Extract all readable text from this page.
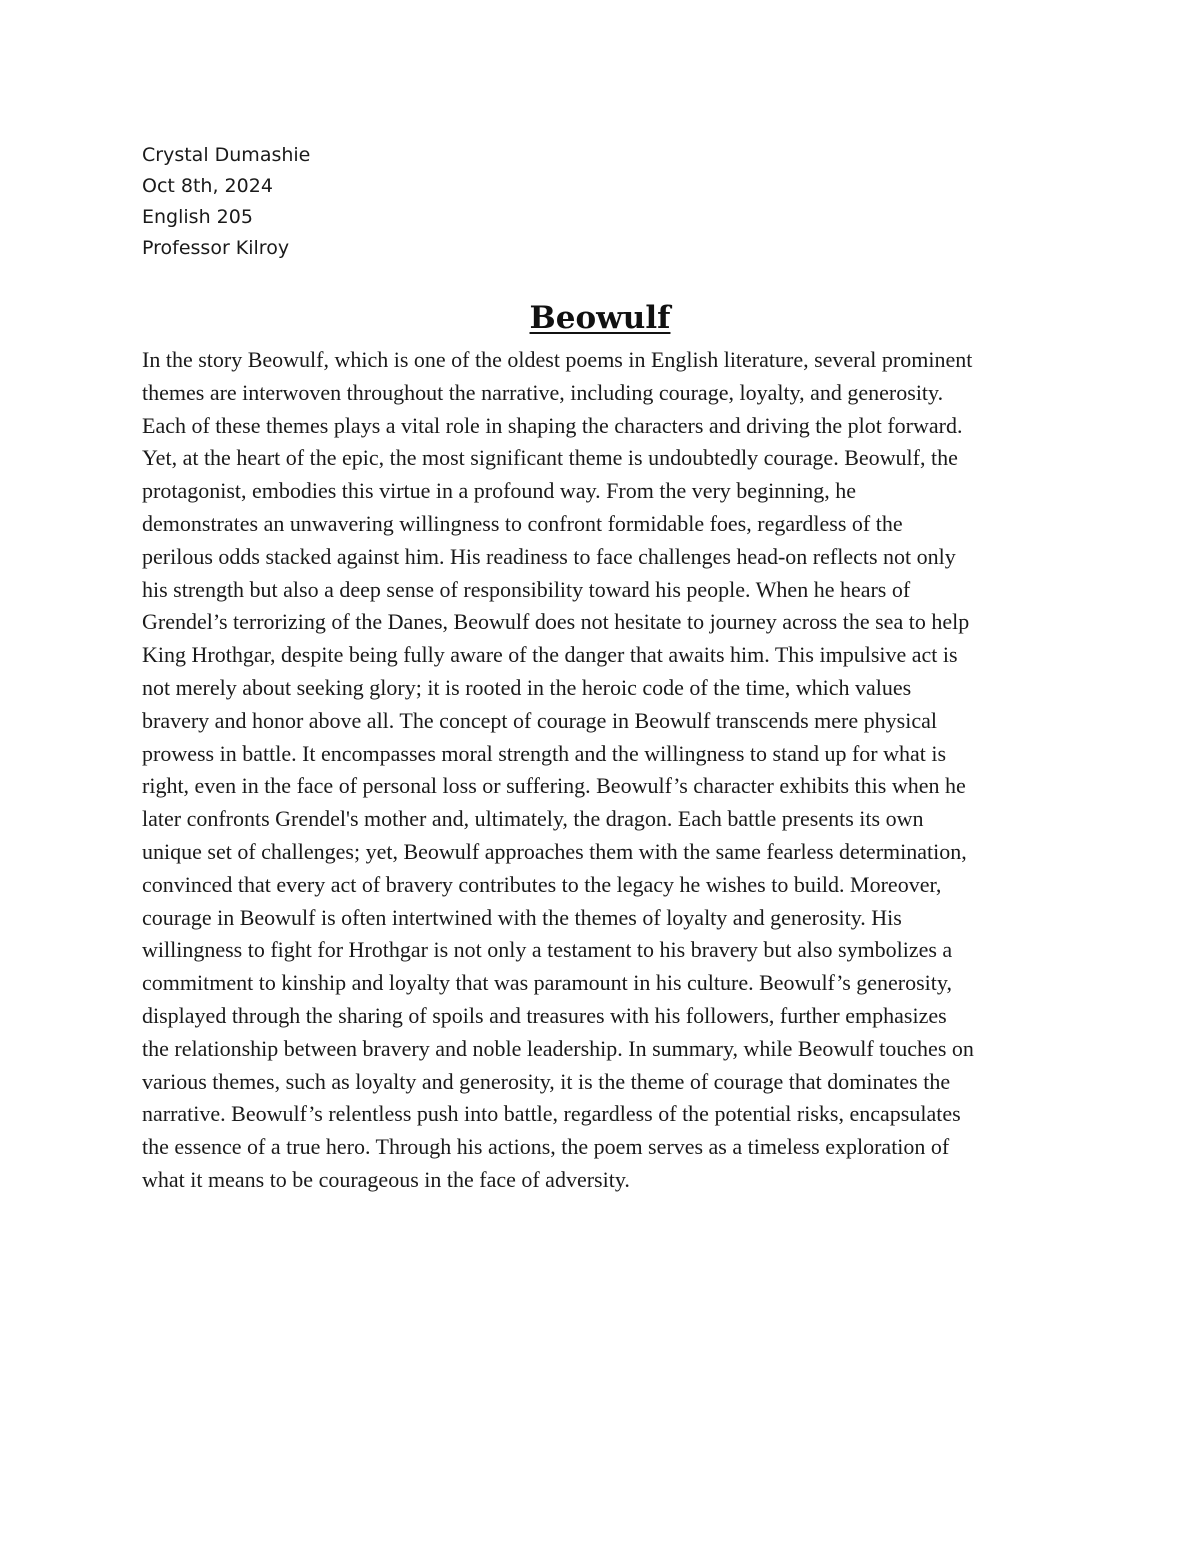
Crystal Dumashie
Oct 8th, 2024
English 205
Professor Kilroy
Beowulf
In the story Beowulf, which is one of the oldest poems in English literature, several prominent
themes are interwoven throughout the narrative, including courage, loyalty, and generosity.
Each of these themes plays a vital role in shaping the characters and driving the plot forward.
Yet, at the heart of the epic, the most significant theme is undoubtedly courage. Beowulf, the
protagonist, embodies this virtue in a profound way. From the very beginning, he
demonstrates an unwavering willingness to confront formidable foes, regardless of the
perilous odds stacked against him. His readiness to face challenges head-on reflects not only
his strength but also a deep sense of responsibility toward his people. When he hears of
Grendel’s terrorizing of the Danes, Beowulf does not hesitate to journey across the sea to help
King Hrothgar, despite being fully aware of the danger that awaits him. This impulsive act is
not merely about seeking glory; it is rooted in the heroic code of the time, which values
bravery and honor above all. The concept of courage in Beowulf transcends mere physical
prowess in battle. It encompasses moral strength and the willingness to stand up for what is
right, even in the face of personal loss or suffering. Beowulf’s character exhibits this when he
later confronts Grendel's mother and, ultimately, the dragon. Each battle presents its own
unique set of challenges; yet, Beowulf approaches them with the same fearless determination,
convinced that every act of bravery contributes to the legacy he wishes to build. Moreover,
courage in Beowulf is often intertwined with the themes of loyalty and generosity. His
willingness to fight for Hrothgar is not only a testament to his bravery but also symbolizes a
commitment to kinship and loyalty that was paramount in his culture. Beowulf’s generosity,
displayed through the sharing of spoils and treasures with his followers, further emphasizes
the relationship between bravery and noble leadership. In summary, while Beowulf touches on
various themes, such as loyalty and generosity, it is the theme of courage that dominates the
narrative. Beowulf’s relentless push into battle, regardless of the potential risks, encapsulates
the essence of a true hero. Through his actions, the poem serves as a timeless exploration of
what it means to be courageous in the face of adversity.
